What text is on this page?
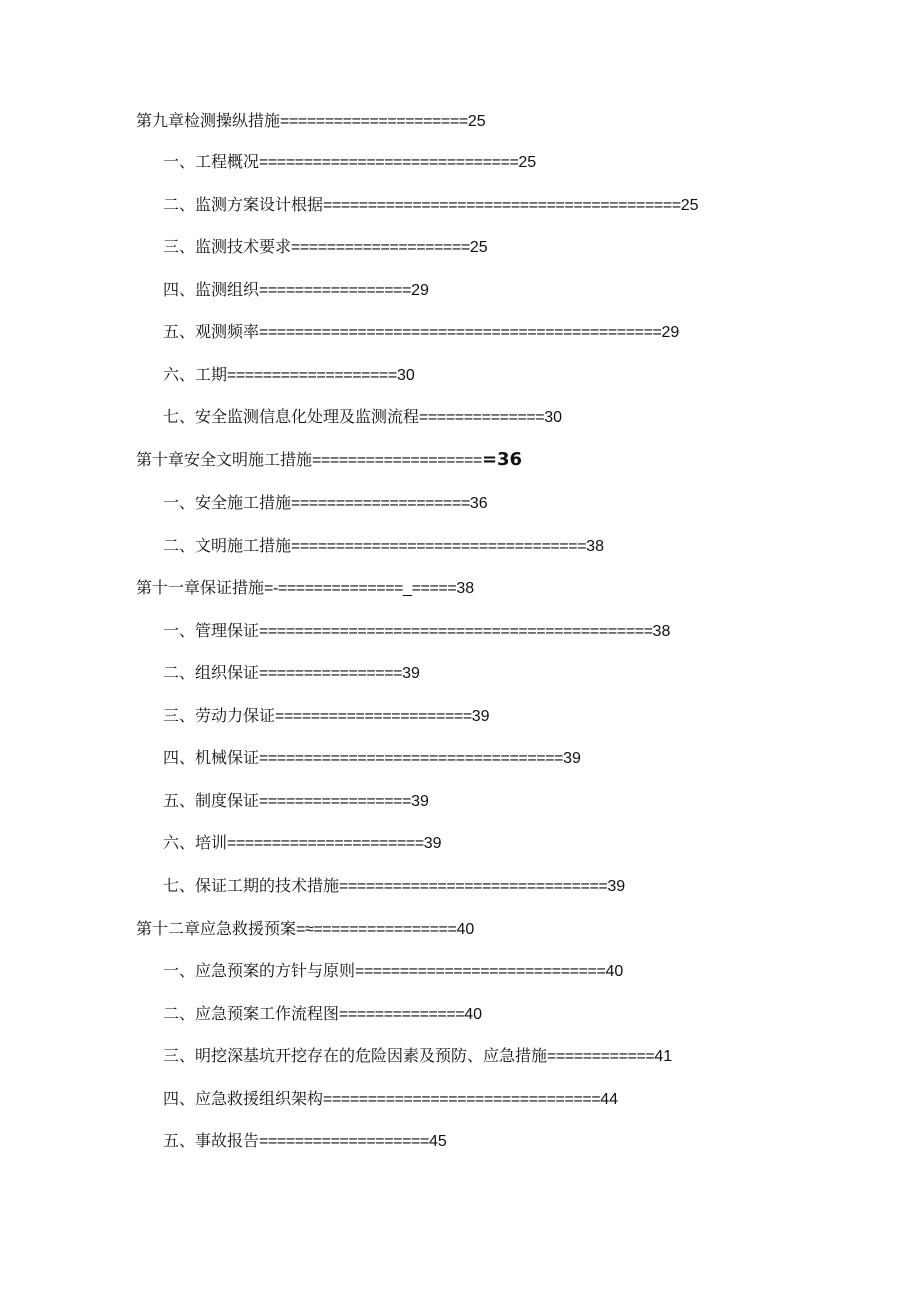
第九章检测操纵措施=====================25
一、工程概况=============================25
二、监测方案设计根据========================================25
三、监测技术要求====================25
四、监测组织=================29
五、观测频率=============================================29
六、工期===================30
七、安全监测信息化处理及监测流程==============30
第十章安全文明施工措施====================36
一、安全施工措施====================36
二、文明施工措施=================================38
第十一章保证措施=-==============_=====38
一、管理保证============================================38
二、组织保证================39
三、劳动力保证======================39
四、机械保证==================================39
五、制度保证=================39
六、培训======================39
七、保证工期的技术措施==============================39
第十二章应急救援预案=≈================40
一、应急预案的方针与原则============================40
二、应急预案工作流程图==============40
三、明挖深基坑开挖存在的危险因素及预防、应急措施============41
四、应急救援组织架构===============================44
五、事故报告===================45
